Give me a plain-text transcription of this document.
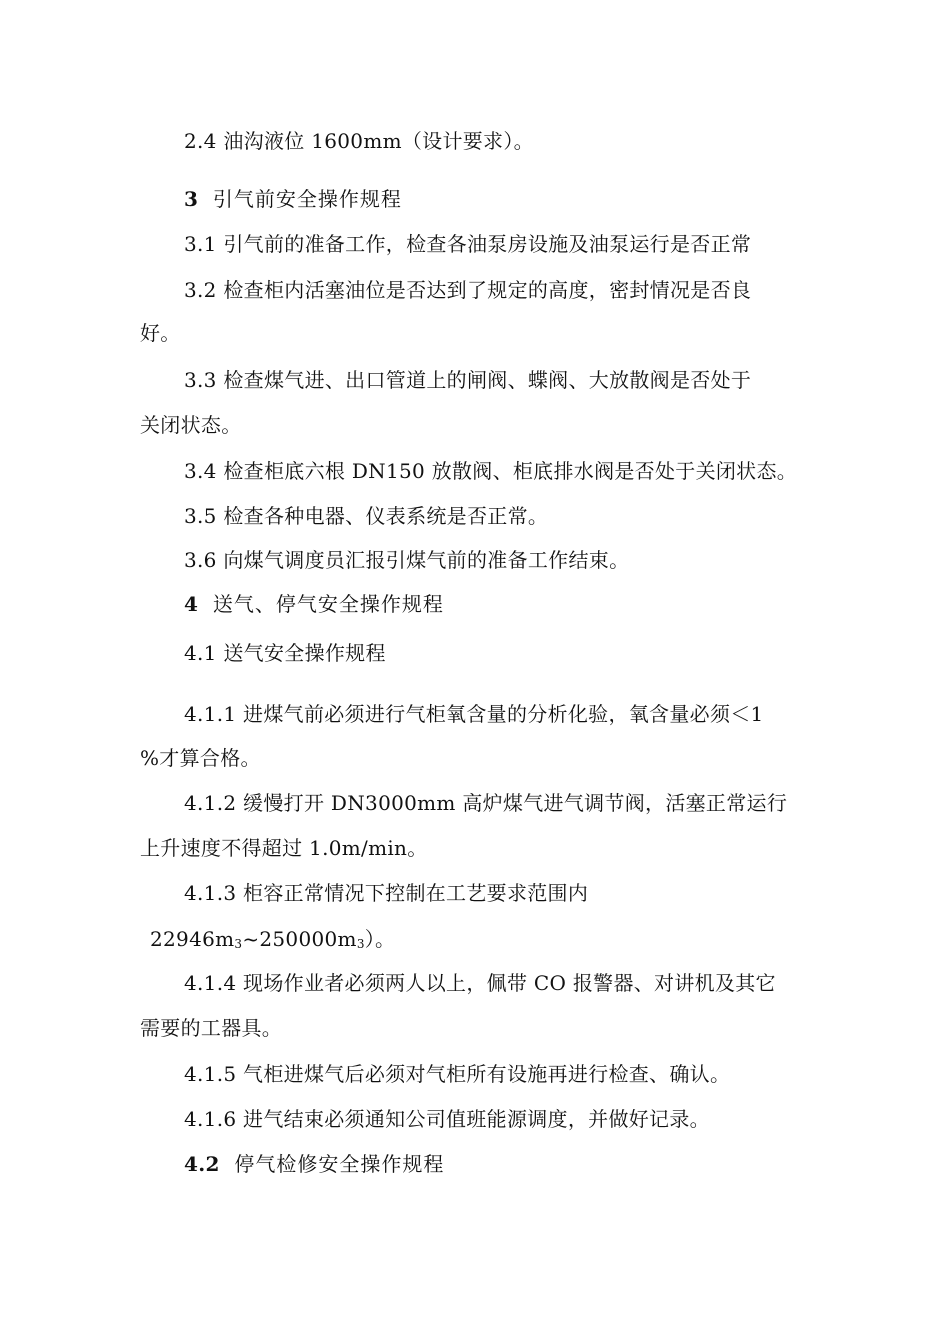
2.4 油沟液位 1600mm（设计要求）。
3 引气前安全操作规程
3.1 引气前的准备工作，检查各油泵房设施及油泵运行是否正常
3.2 检查柜内活塞油位是否达到了规定的高度，密封情况是否良
好。
3.3 检查煤气进、出口管道上的闸阀、蝶阀、大放散阀是否处于
关闭状态。
3.4 检查柜底六根 DN150 放散阀、柜底排水阀是否处于关闭状态。
3.5 检查各种电器、仪表系统是否正常。
3.6 向煤气调度员汇报引煤气前的准备工作结束。
4 送气、停气安全操作规程
4.1 送气安全操作规程
4.1.1 进煤气前必须进行气柜氧含量的分析化验，氧含量必须＜1
%才算合格。
4.1.2 缓慢打开 DN3000mm 高炉煤气进气调节阀，活塞正常运行
上升速度不得超过 1.0m/min。
4.1.3 柜容正常情况下控制在工艺要求范围内
$22946m_3\sim 250000m_3$）。
4.1.4 现场作业者必须两人以上，佩带 CO 报警器、对讲机及其它
需要的工器具。
4.1.5 气柜进煤气后必须对气柜所有设施再进行检查、确认。
4.1.6 进气结束必须通知公司值班能源调度，并做好记录。
4.2 停气检修安全操作规程
